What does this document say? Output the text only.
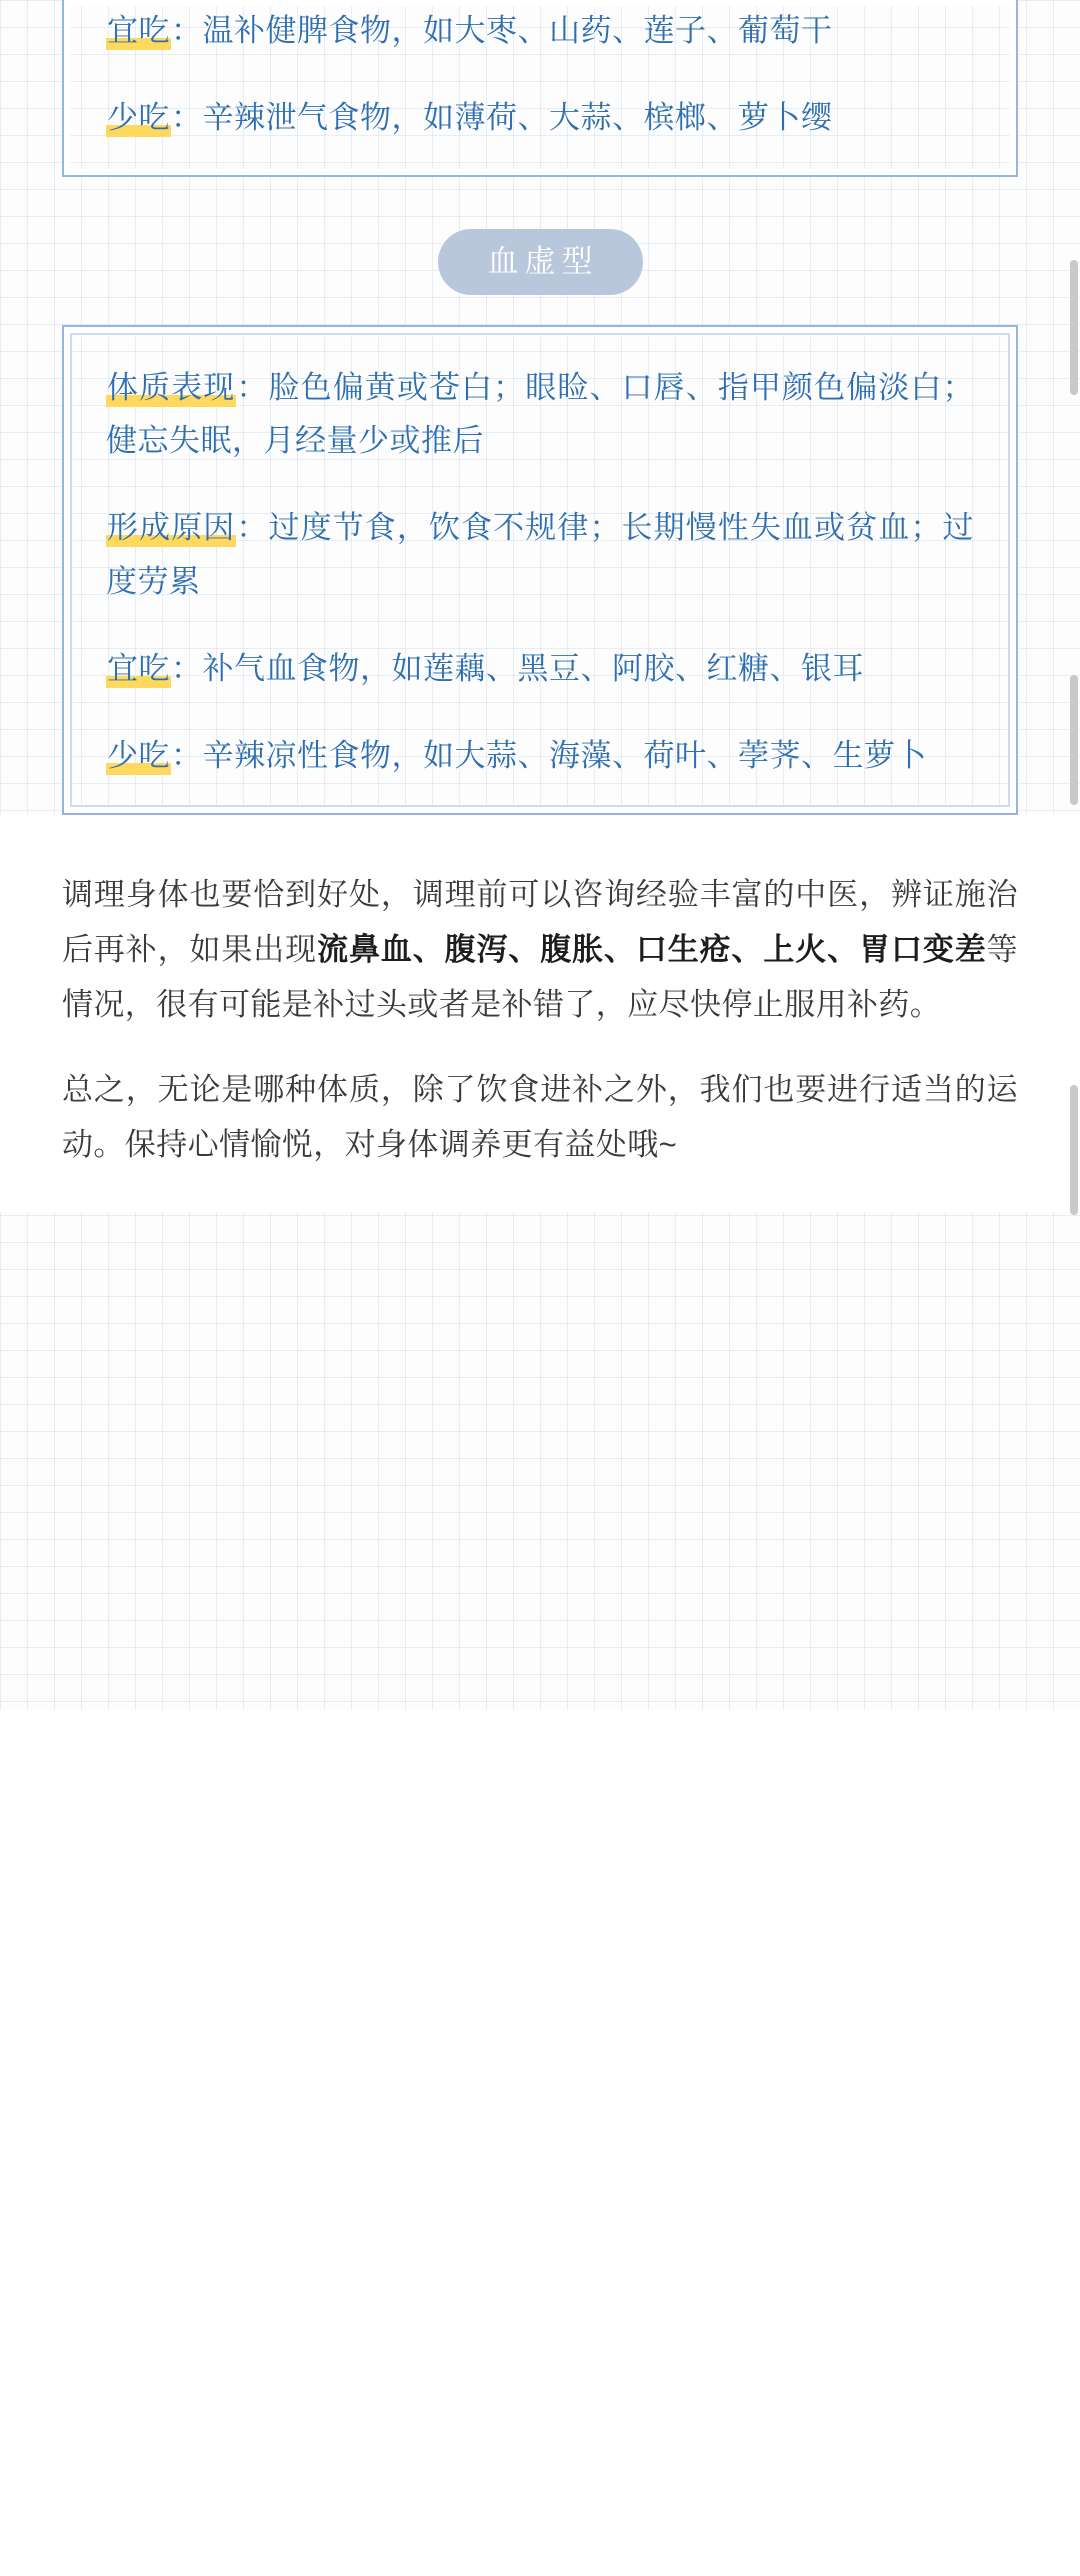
宜吃：温补健脾食物，如大枣、山药、莲子、葡萄干

少吃：辛辣泄气食物，如薄荷、大蒜、槟榔、萝卜缨

血虚型

体质表现：脸色偏黄或苍白；眼睑、口唇、指甲颜色偏淡白；健忘失眠，月经量少或推后

形成原因：过度节食，饮食不规律；长期慢性失血或贫血；过度劳累

宜吃：补气血食物，如莲藕、黑豆、阿胶、红糖、银耳

少吃：辛辣凉性食物，如大蒜、海藻、荷叶、荸荠、生萝卜

调理身体也要恰到好处，调理前可以咨询经验丰富的中医，辨证施治后再补，如果出现流鼻血、腹泻、腹胀、口生疮、上火、胃口变差等情况，很有可能是补过头或者是补错了，应尽快停止服用补药。

总之，无论是哪种体质，除了饮食进补之外，我们也要进行适当的运动。保持心情愉悦，对身体调养更有益处哦~
